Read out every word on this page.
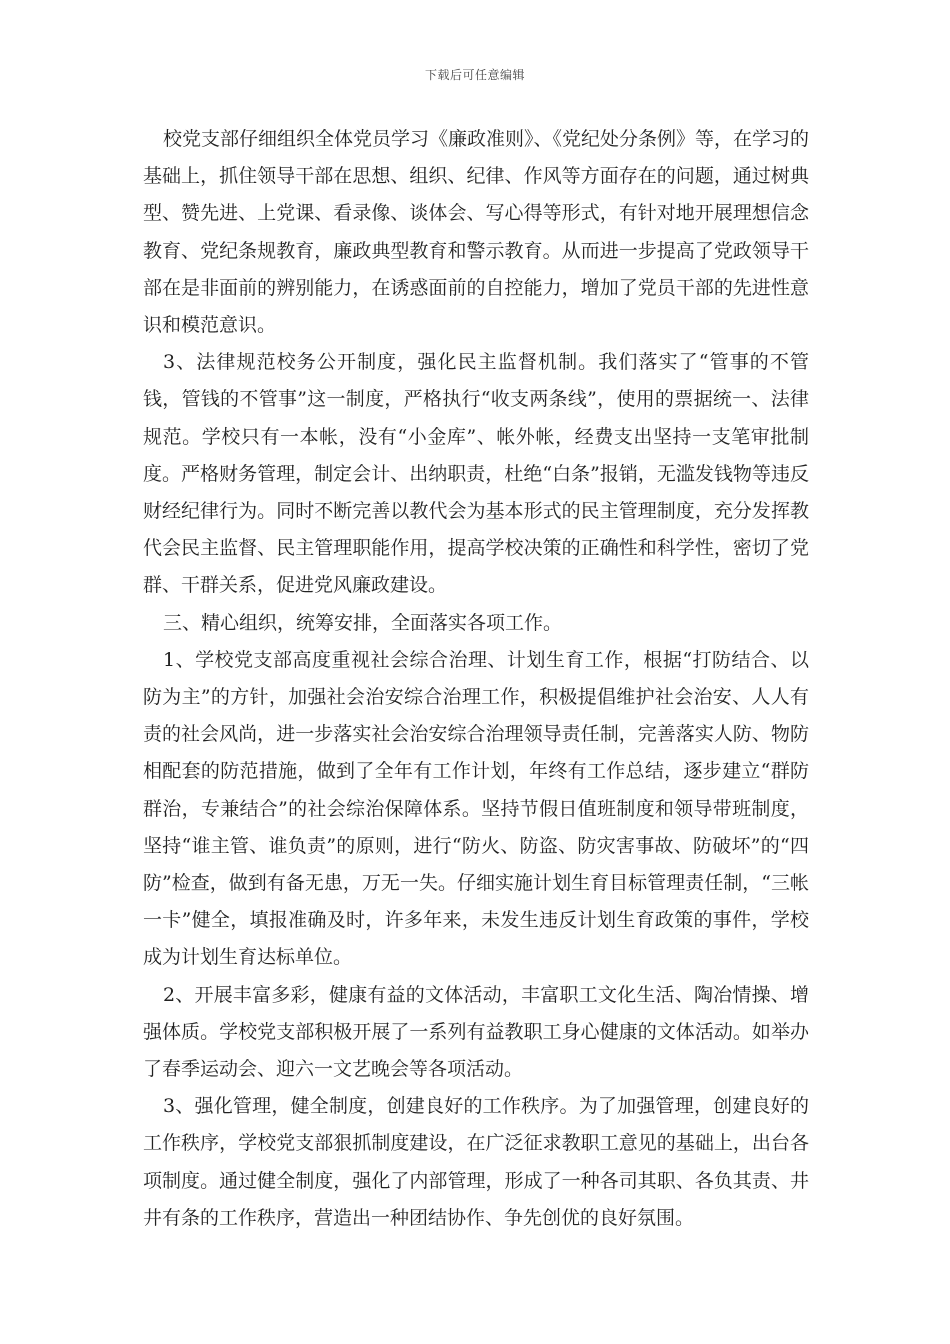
下载后可任意编辑

校党支部仔细组织全体党员学习《廉政准则》、《党纪处分条例》等，在学习的基础上，抓住领导干部在思想、组织、纪律、作风等方面存在的问题，通过树典型、赞先进、上党课、看录像、谈体会、写心得等形式，有针对地开展理想信念教育、党纪条规教育，廉政典型教育和警示教育。从而进一步提高了党政领导干部在是非面前的辨别能力，在诱惑面前的自控能力，增加了党员干部的先进性意识和模范意识。

3、法律规范校务公开制度，强化民主监督机制。我们落实了“管事的不管钱，管钱的不管事”这一制度，严格执行“收支两条线”，使用的票据统一、法律规范。学校只有一本帐，没有“小金库”、帐外帐，经费支出坚持一支笔审批制度。严格财务管理，制定会计、出纳职责，杜绝“白条”报销，无滥发钱物等违反财经纪律行为。同时不断完善以教代会为基本形式的民主管理制度，充分发挥教代会民主监督、民主管理职能作用，提高学校决策的正确性和科学性，密切了党群、干群关系，促进党风廉政建设。

三、精心组织，统筹安排，全面落实各项工作。

1、学校党支部高度重视社会综合治理、计划生育工作，根据“打防结合、以防为主”的方针，加强社会治安综合治理工作，积极提倡维护社会治安、人人有责的社会风尚，进一步落实社会治安综合治理领导责任制，完善落实人防、物防相配套的防范措施，做到了全年有工作计划，年终有工作总结，逐步建立“群防群治，专兼结合”的社会综治保障体系。坚持节假日值班制度和领导带班制度，坚持“谁主管、谁负责”的原则，进行“防火、防盗、防灾害事故、防破坏”的“四防”检查，做到有备无患，万无一失。仔细实施计划生育目标管理责任制，“三帐一卡”健全，填报准确及时，许多年来，未发生违反计划生育政策的事件，学校成为计划生育达标单位。

2、开展丰富多彩，健康有益的文体活动，丰富职工文化生活、陶冶情操、增强体质。学校党支部积极开展了一系列有益教职工身心健康的文体活动。如举办了春季运动会、迎六一文艺晚会等各项活动。

3、强化管理，健全制度，创建良好的工作秩序。为了加强管理，创建良好的工作秩序，学校党支部狠抓制度建设，在广泛征求教职工意见的基础上，出台各项制度。通过健全制度，强化了内部管理，形成了一种各司其职、各负其责、井井有条的工作秩序，营造出一种团结协作、争先创优的良好氛围。
